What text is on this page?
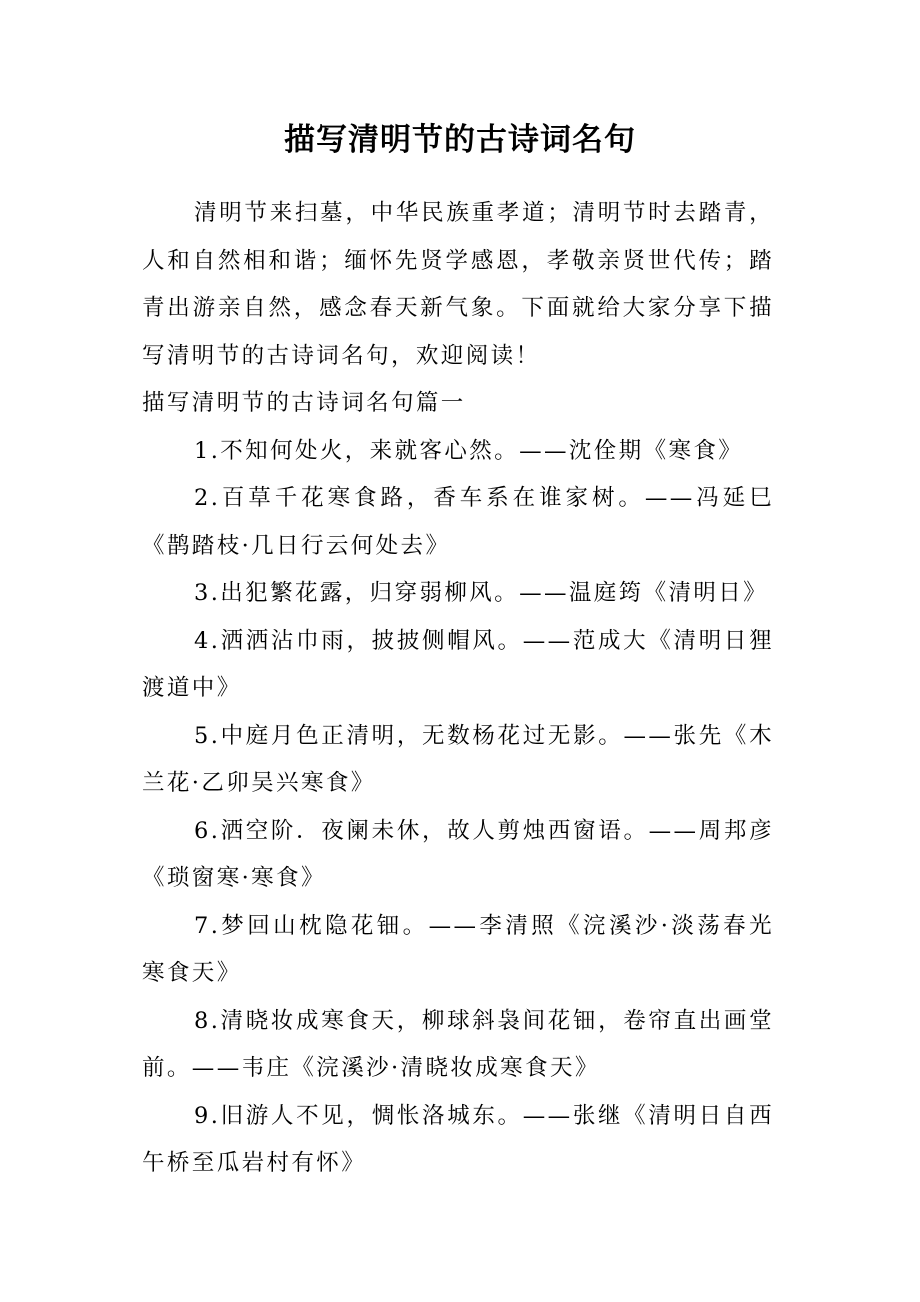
描写清明节的古诗词名句

清明节来扫墓，中华民族重孝道；清明节时去踏青，人和自然相和谐；缅怀先贤学感恩，孝敬亲贤世代传；踏青出游亲自然，感念春天新气象。下面就给大家分享下描写清明节的古诗词名句，欢迎阅读！

描写清明节的古诗词名句篇一

1.不知何处火，来就客心然。——沈佺期《寒食》

2.百草千花寒食路，香车系在谁家树。——冯延巳《鹊踏枝·几日行云何处去》

3.出犯繁花露，归穿弱柳风。——温庭筠《清明日》

4.洒洒沾巾雨，披披侧帽风。——范成大《清明日狸渡道中》

5.中庭月色正清明，无数杨花过无影。——张先《木兰花·乙卯吴兴寒食》

6.洒空阶．夜阑未休，故人剪烛西窗语。——周邦彦《琐窗寒·寒食》

7.梦回山枕隐花钿。——李清照《浣溪沙·淡荡春光寒食天》

8.清晓妆成寒食天，柳球斜袅间花钿，卷帘直出画堂前。——韦庄《浣溪沙·清晓妆成寒食天》

9.旧游人不见，惆怅洛城东。——张继《清明日自西午桥至瓜岩村有怀》
